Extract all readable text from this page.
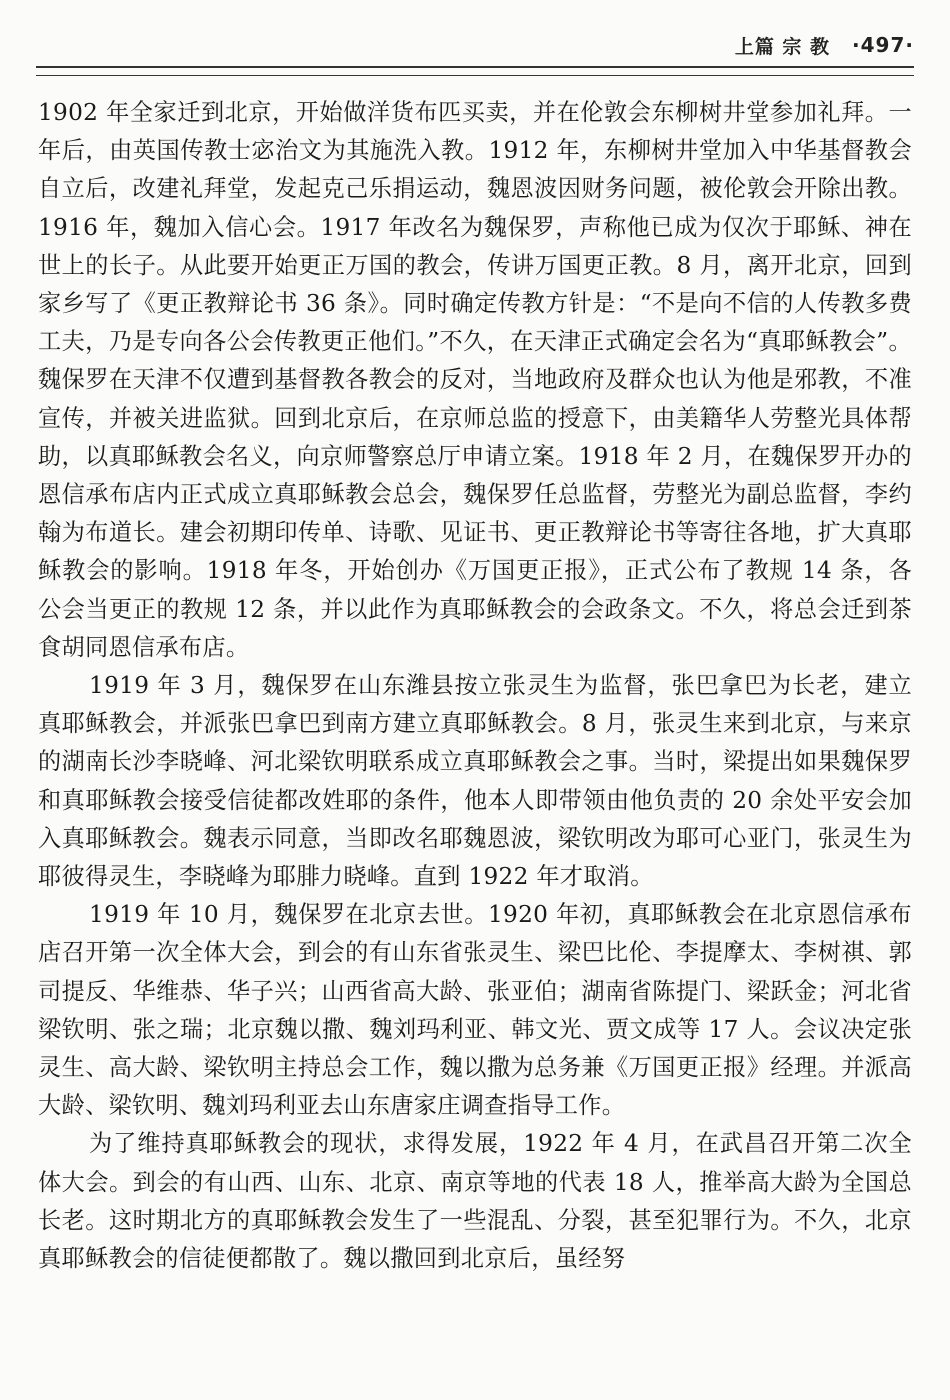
上篇 宗 教 ·497·

1902 年全家迁到北京，开始做洋货布匹买卖，并在伦敦会东柳树井堂参加礼拜。一年后，由英国传教士宓治文为其施洗入教。1912 年，东柳树井堂加入中华基督教会自立后，改建礼拜堂，发起克己乐捐运动，魏恩波因财务问题，被伦敦会开除出教。1916 年，魏加入信心会。1917 年改名为魏保罗，声称他已成为仅次于耶稣、神在世上的长子。从此要开始更正万国的教会，传讲万国更正教。8 月，离开北京，回到家乡写了《更正教辩论书 36 条》。同时确定传教方针是：“不是向不信的人传教多费工夫，乃是专向各公会传教更正他们。”不久，在天津正式确定会名为“真耶稣教会”。魏保罗在天津不仅遭到基督教各教会的反对，当地政府及群众也认为他是邪教，不准宣传，并被关进监狱。回到北京后，在京师总监的授意下，由美籍华人劳整光具体帮助，以真耶稣教会名义，向京师警察总厅申请立案。1918 年 2 月，在魏保罗开办的恩信承布店内正式成立真耶稣教会总会，魏保罗任总监督，劳整光为副总监督，李约翰为布道长。建会初期印传单、诗歌、见证书、更正教辩论书等寄往各地，扩大真耶稣教会的影响。1918 年冬，开始创办《万国更正报》，正式公布了教规 14 条，各公会当更正的教规 12 条，并以此作为真耶稣教会的会政条文。不久，将总会迁到茶食胡同恩信承布店。

1919 年 3 月，魏保罗在山东潍县按立张灵生为监督，张巴拿巴为长老，建立真耶稣教会，并派张巴拿巴到南方建立真耶稣教会。8 月，张灵生来到北京，与来京的湖南长沙李晓峰、河北梁钦明联系成立真耶稣教会之事。当时，梁提出如果魏保罗和真耶稣教会接受信徒都改姓耶的条件，他本人即带领由他负责的 20 余处平安会加入真耶稣教会。魏表示同意，当即改名耶魏恩波，梁钦明改为耶可心亚门，张灵生为耶彼得灵生，李晓峰为耶腓力晓峰。直到 1922 年才取消。

1919 年 10 月，魏保罗在北京去世。1920 年初，真耶稣教会在北京恩信承布店召开第一次全体大会，到会的有山东省张灵生、梁巴比伦、李提摩太、李树祺、郭司提反、华维恭、华子兴；山西省高大龄、张亚伯；湖南省陈提门、梁跃金；河北省梁钦明、张之瑞；北京魏以撒、魏刘玛利亚、韩文光、贾文成等 17 人。会议决定张灵生、高大龄、梁钦明主持总会工作，魏以撒为总务兼《万国更正报》经理。并派高大龄、梁钦明、魏刘玛利亚去山东唐家庄调查指导工作。

为了维持真耶稣教会的现状，求得发展，1922 年 4 月，在武昌召开第二次全体大会。到会的有山西、山东、北京、南京等地的代表 18 人，推举高大龄为全国总长老。这时期北方的真耶稣教会发生了一些混乱、分裂，甚至犯罪行为。不久，北京真耶稣教会的信徒便都散了。魏以撒回到北京后，虽经努
